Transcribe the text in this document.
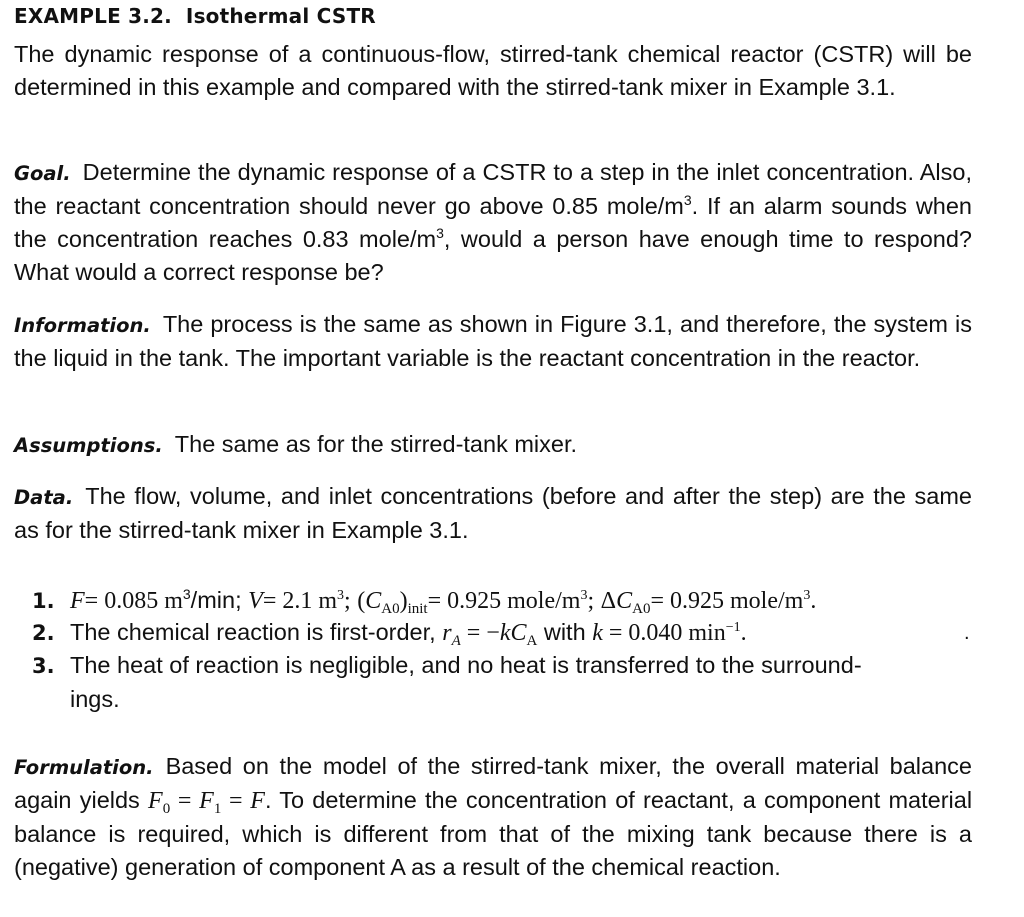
EXAMPLE 3.2. Isothermal CSTR
The dynamic response of a continuous-flow, stirred-tank chemical reactor (CSTR) will be determined in this example and compared with the stirred-tank mixer in Example 3.1.
Goal. Determine the dynamic response of a CSTR to a step in the inlet concentration. Also, the reactant concentration should never go above 0.85 mole/$m^3$. If an alarm sounds when the concentration reaches 0.83 mole/$m^3$, would a person have enough time to respond? What would a correct response be?
Information. The process is the same as shown in Figure 3.1, and therefore, the system is the liquid in the tank. The important variable is the reactant concentration in the reactor.
Assumptions. The same as for the stirred-tank mixer.
Data. The flow, volume, and inlet concentrations (before and after the step) are the same as for the stirred-tank mixer in Example 3.1.
1. F= 0.085 $m^3/\min$; V= 2.1 $m^3$; $(C_{A0})_{init}= 0.925$ mole/$m^3$; $\Delta C_{A0}= 0.925$ mole/$m^3$.
2. The chemical reaction is first-order, $r_A = -kC_A$ with k = 0.040 $\min^{-1}$.	.
3. The heat of reaction is negligible, and no heat is transferred to the surround-
ings.
Formulation. Based on the model of the stirred-tank mixer, the overall material balance again yields $F_0 = F_1 = F$. To determine the concentration of reactant, a component material balance is required, which is different from that of the mixing tank because there is a (negative) generation of component A as a result of the chemical reaction.
